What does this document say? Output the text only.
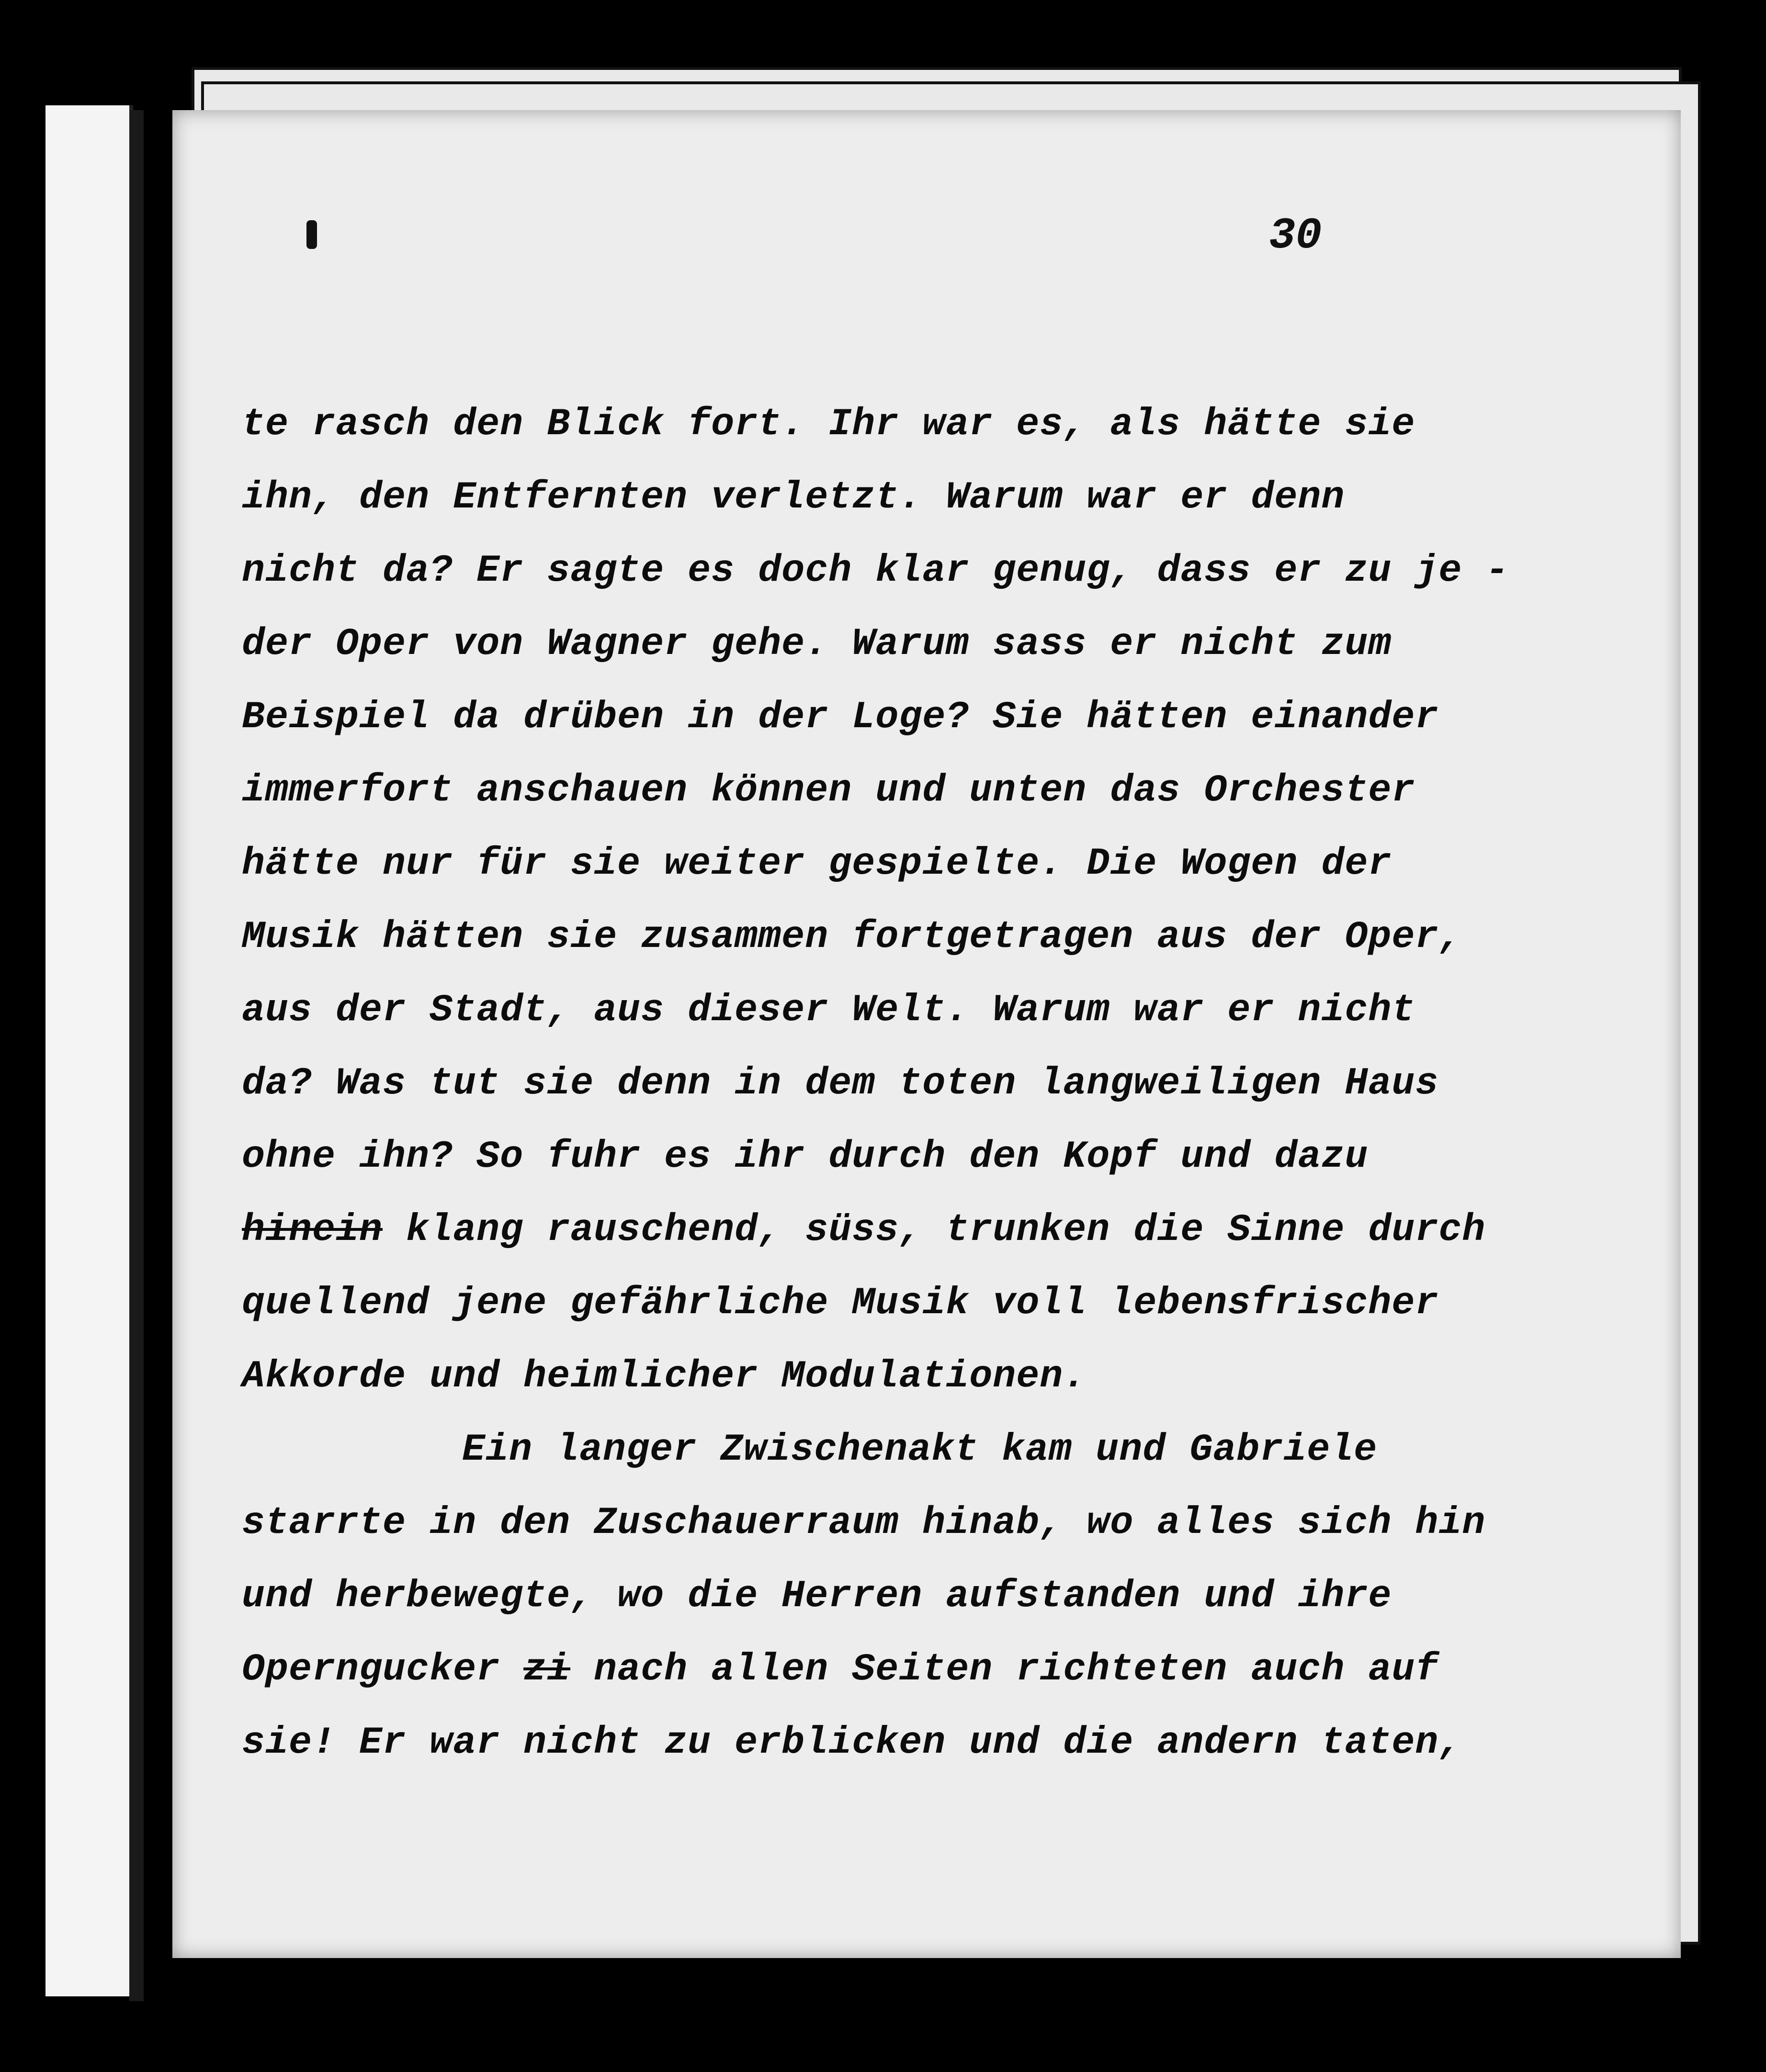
30
te rasch den Blick fort. Ihr war es, als hätte sie
ihn, den Entfernten verletzt. Warum war er denn
nicht da? Er sagte es doch klar genug, dass er zu je -
der Oper von Wagner gehe. Warum sass er nicht zum
Beispiel da drüben in der Loge? Sie hätten einander
immerfort anschauen können und unten das Orchester
hätte nur für sie weiter gespielte. Die Wogen der
Musik hätten sie zusammen fortgetragen aus der Oper,
aus der Stadt, aus dieser Welt. Warum war er nicht
da? Was tut sie denn in dem toten langweiligen Haus
ohne ihn? So fuhr es ihr durch den Kopf und dazu
hinein klang rauschend, süss, trunken die Sinne durch
quellend jene gefährliche Musik voll lebensfrischer
Akkorde und heimlicher Modulationen.
Ein langer Zwischenakt kam und Gabriele
starrte in den Zuschauerraum hinab, wo alles sich hin
und herbewegte, wo die Herren aufstanden und ihre
Operngucker zi nach allen Seiten richteten auch auf
sie! Er war nicht zu erblicken und die andern taten,
